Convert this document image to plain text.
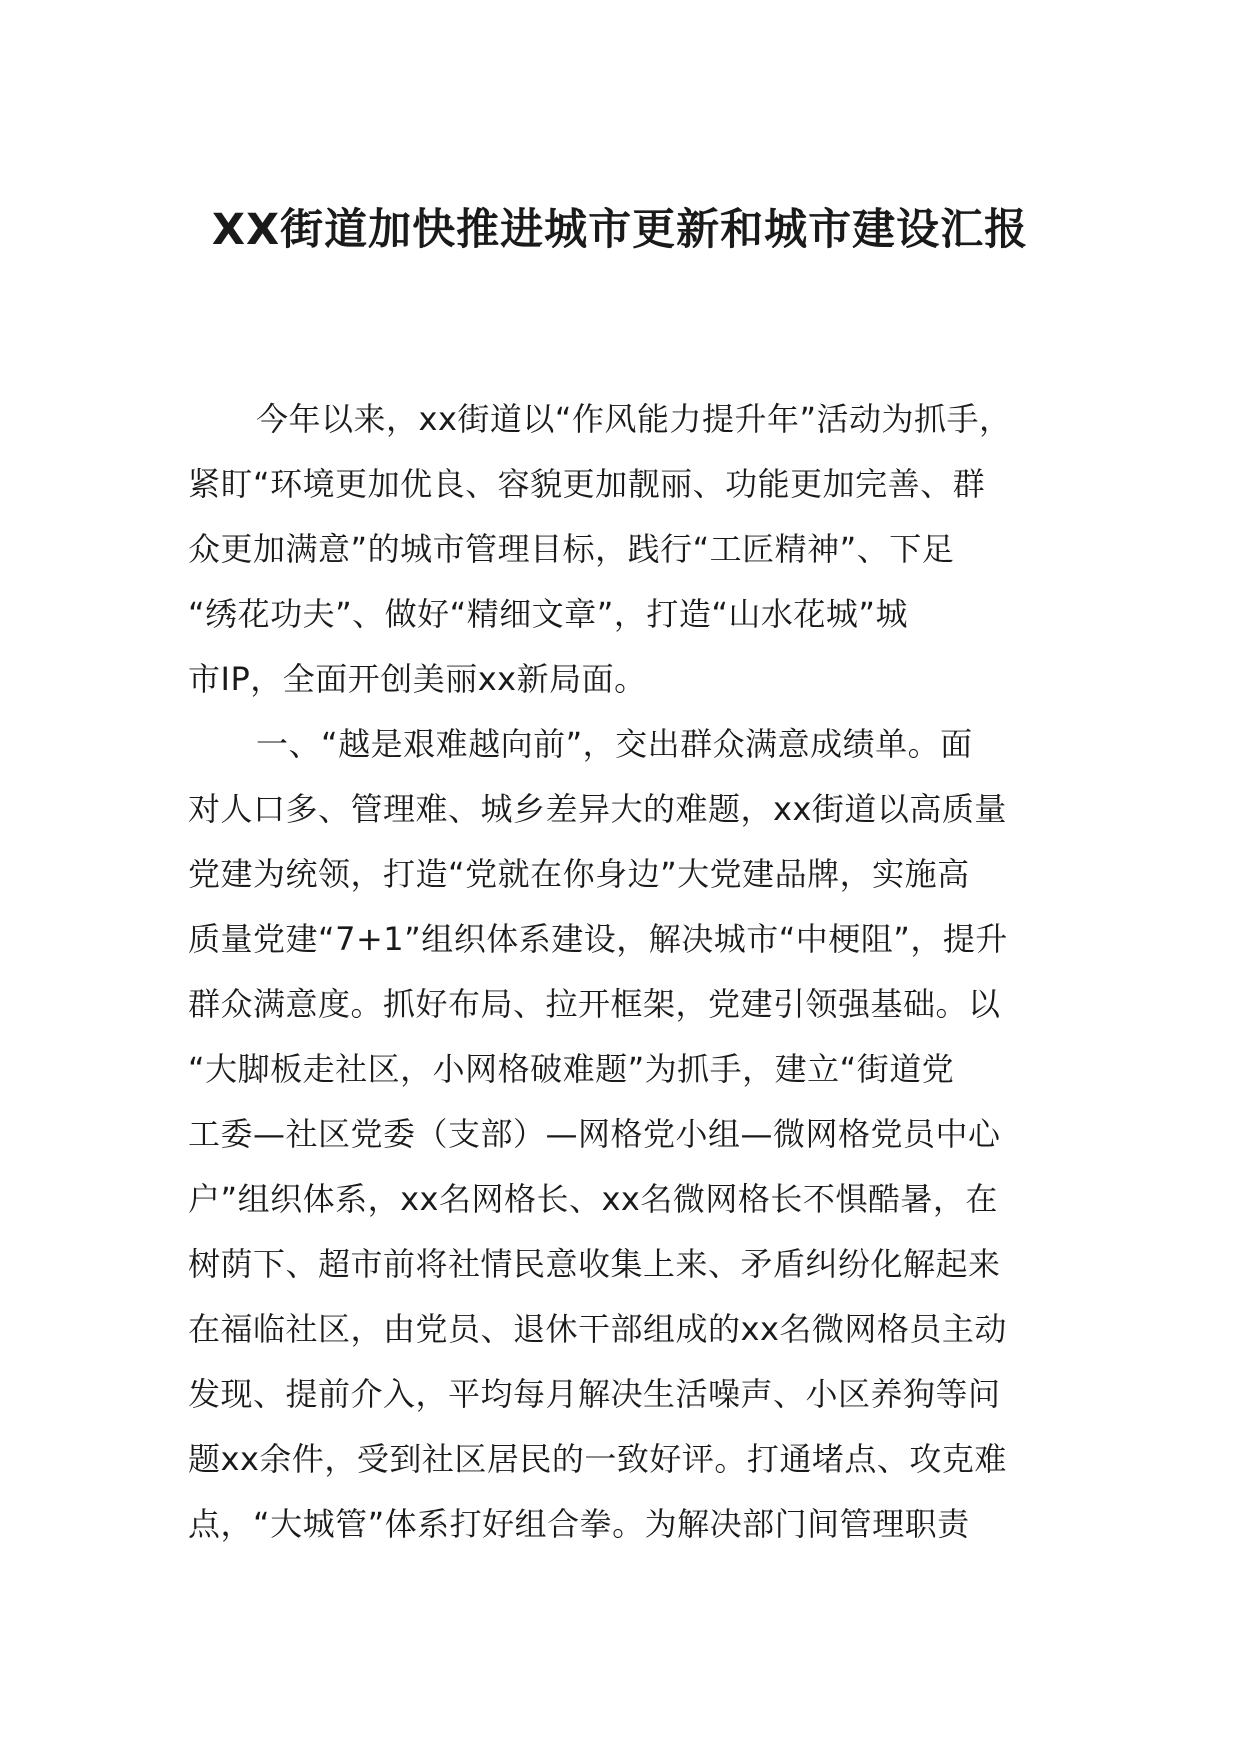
XX街道加快推进城市更新和城市建设汇报
今年以来，xx街道以“作风能力提升年”活动为抓手，
紧盯“环境更加优良、容貌更加靓丽、功能更加完善、群
众更加满意”的城市管理目标，践行“工匠精神”、下足
“绣花功夫”、做好“精细文章”，打造“山水花城”城
市IP，全面开创美丽xx新局面。
一、“越是艰难越向前”，交出群众满意成绩单。面
对人口多、管理难、城乡差异大的难题，xx街道以高质量
党建为统领，打造“党就在你身边”大党建品牌，实施高
质量党建“7+1”组织体系建设，解决城市“中梗阻”，提升
群众满意度。抓好布局、拉开框架，党建引领强基础。以
“大脚板走社区，小网格破难题”为抓手，建立“街道党
工委—社区党委（支部）—网格党小组—微网格党员中心
户”组织体系，xx名网格长、xx名微网格长不惧酷暑，在
树荫下、超市前将社情民意收集上来、矛盾纠纷化解起来
在福临社区，由党员、退休干部组成的xx名微网格员主动
发现、提前介入，平均每月解决生活噪声、小区养狗等问
题xx余件，受到社区居民的一致好评。打通堵点、攻克难
点，“大城管”体系打好组合拳。为解决部门间管理职责
